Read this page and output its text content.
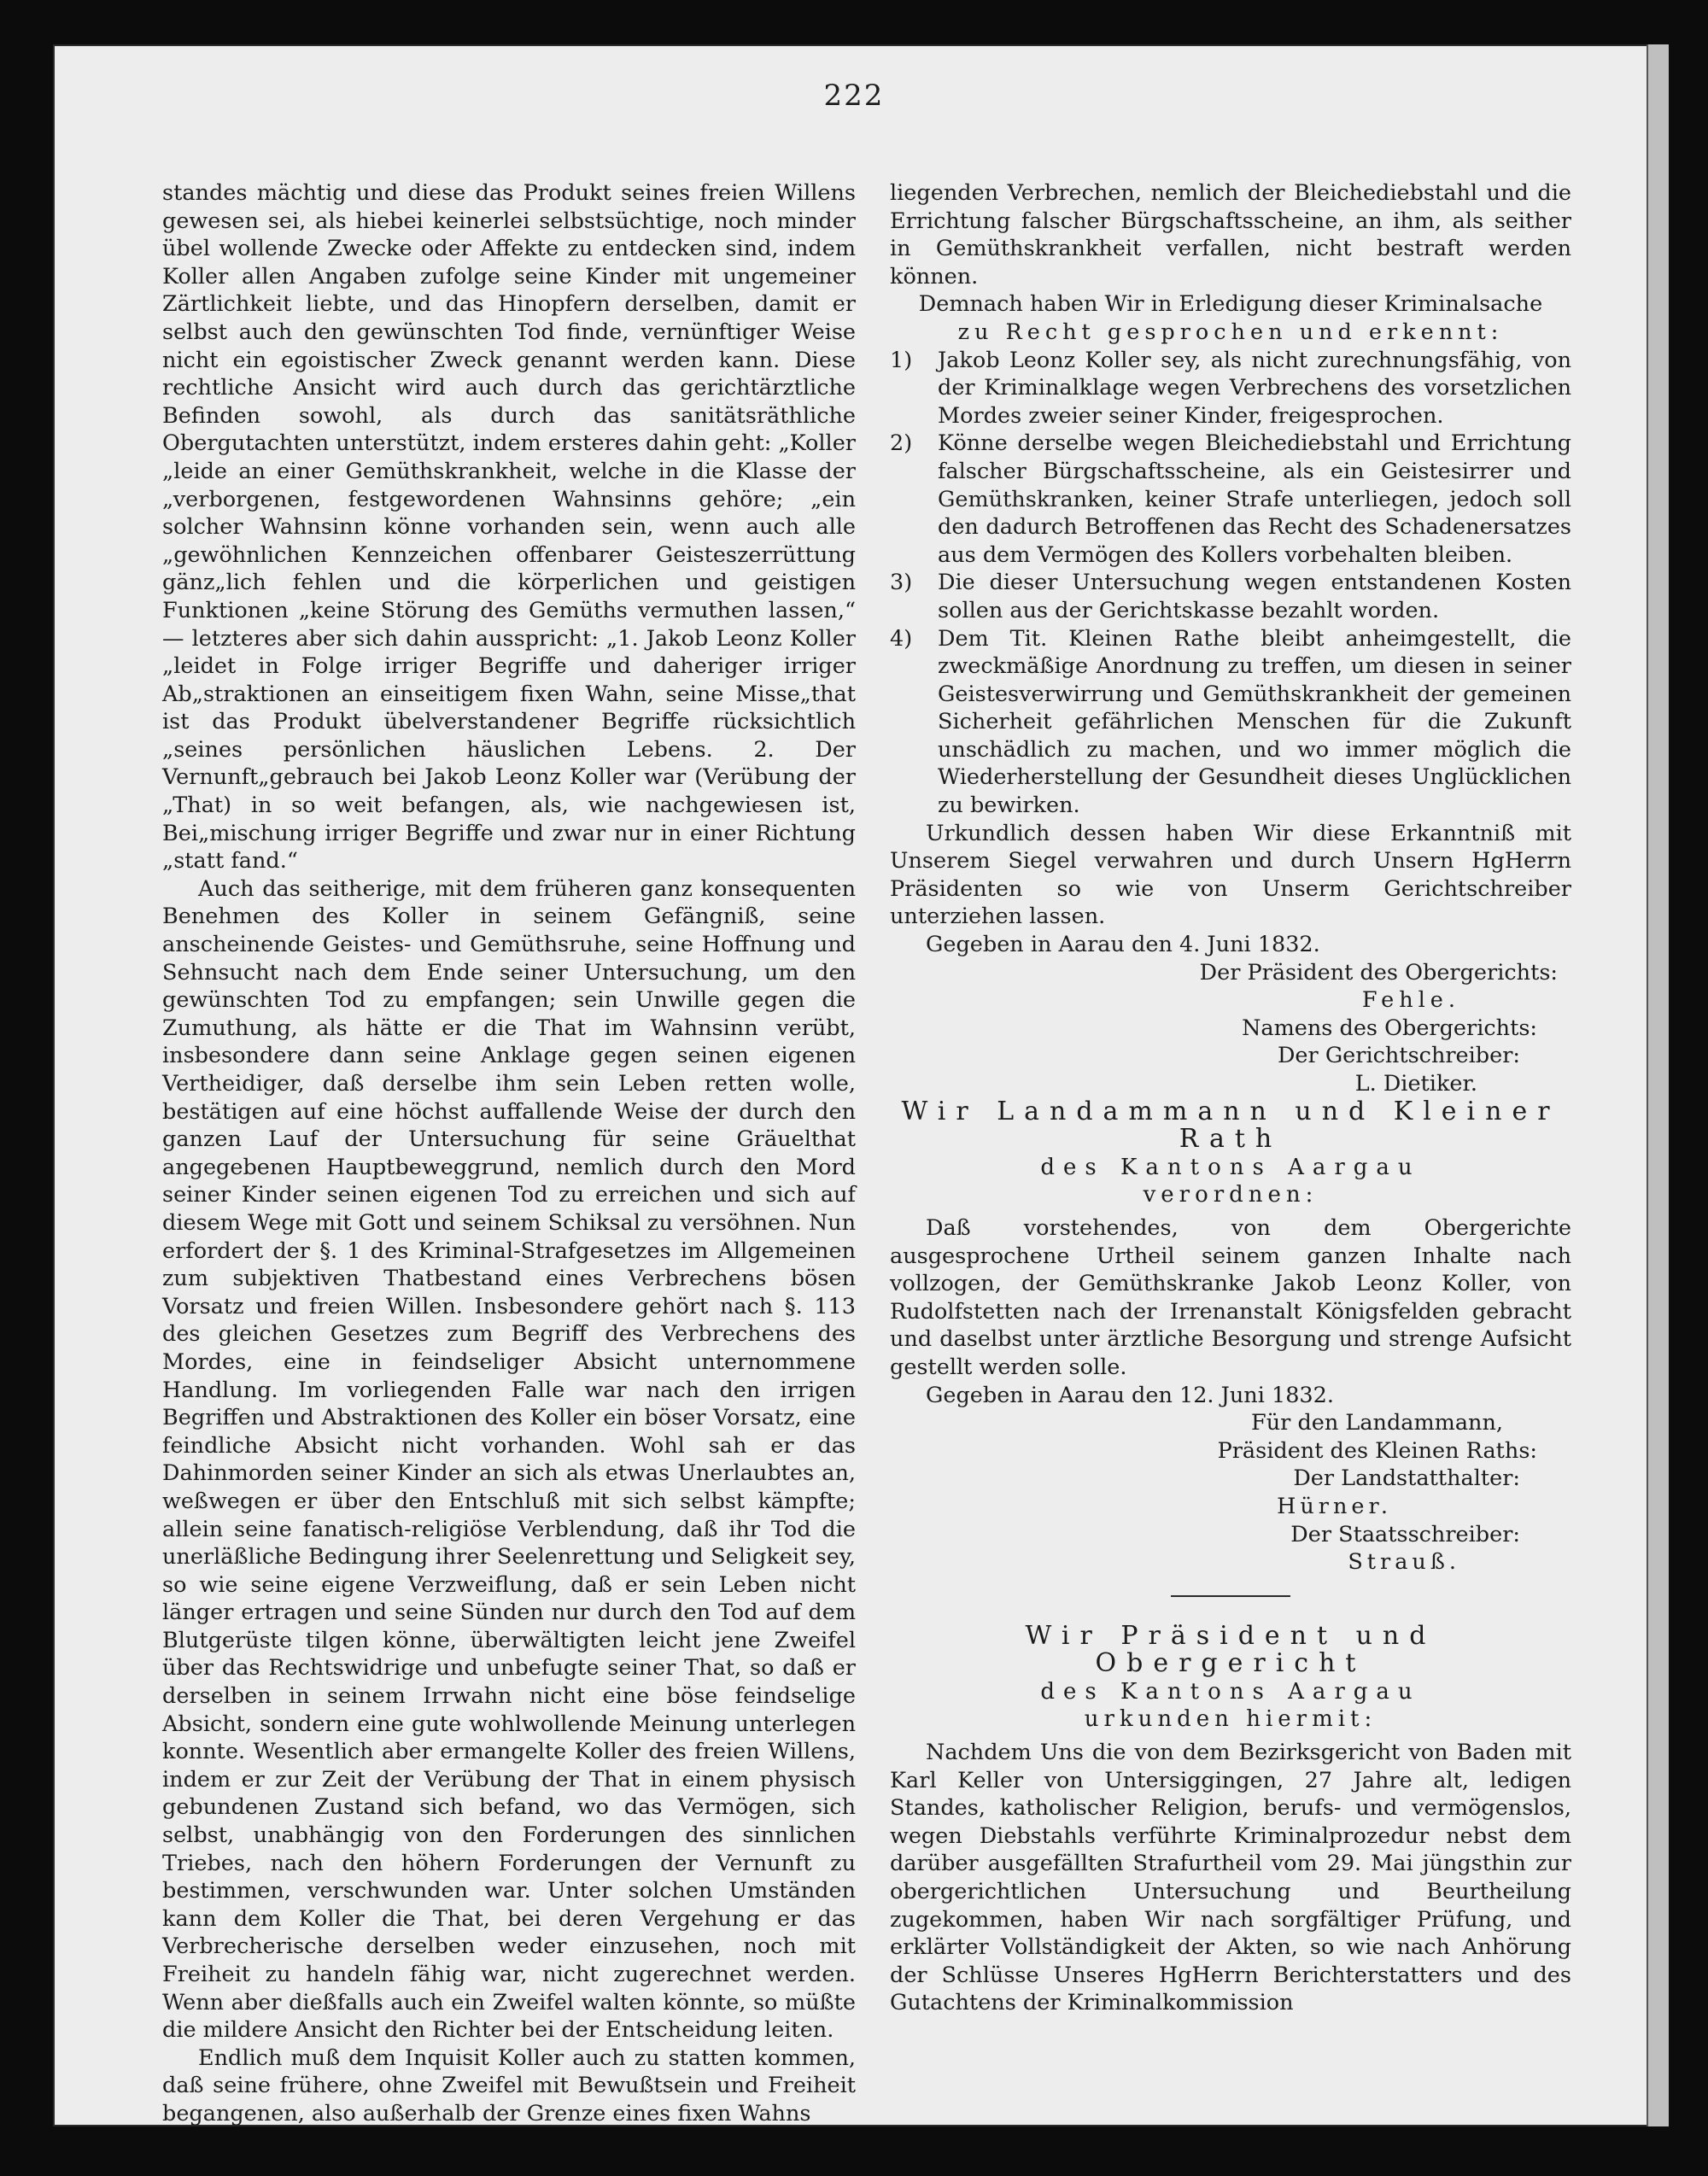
222

standes mächtig und diese das Produkt seines freien Willens gewesen sei, als hiebei keinerlei selbstsüchtige, noch minder übel wollende Zwecke oder Affekte zu entdecken sind, indem Koller allen Angaben zufolge seine Kinder mit ungemeiner Zärtlichkeit liebte, und das Hinopfern derselben, damit er selbst auch den gewünschten Tod finde, vernünftiger Weise nicht ein egoistischer Zweck genannt werden kann. Diese rechtliche Ansicht wird auch durch das gerichtärztliche Befinden sowohl, als durch das sanitätsräthliche Obergutachten unterstützt, indem ersteres dahin geht: „Koller „leide an einer Gemüthskrankheit, welche in die Klasse der „verborgenen, festgewordenen Wahnsinns gehöre; „ein solcher Wahnsinn könne vorhanden sein, wenn auch alle „gewöhnlichen Kennzeichen offenbarer Geisteszerrüttung gänz„lich fehlen und die körperlichen und geistigen Funktionen „keine Störung des Gemüths vermuthen lassen,“ — letzteres aber sich dahin ausspricht: „1. Jakob Leonz Koller „leidet in Folge irriger Begriffe und daheriger irriger Ab„straktionen an einseitigem fixen Wahn, seine Misse„that ist das Produkt übelverstandener Begriffe rücksichtlich „seines persönlichen häuslichen Lebens. 2. Der Vernunft„gebrauch bei Jakob Leonz Koller war (Verübung der „That) in so weit befangen, als, wie nachgewiesen ist, Bei„mischung irriger Begriffe und zwar nur in einer Richtung „statt fand.“

Auch das seitherige, mit dem früheren ganz konsequenten Benehmen des Koller in seinem Gefängniß, seine anscheinende Geistes- und Gemüthsruhe, seine Hoffnung und Sehnsucht nach dem Ende seiner Untersuchung, um den gewünschten Tod zu empfangen; sein Unwille gegen die Zumuthung, als hätte er die That im Wahnsinn verübt, insbesondere dann seine Anklage gegen seinen eigenen Vertheidiger, daß derselbe ihm sein Leben retten wolle, bestätigen auf eine höchst auffallende Weise der durch den ganzen Lauf der Untersuchung für seine Gräuelthat angegebenen Hauptbeweggrund, nemlich durch den Mord seiner Kinder seinen eigenen Tod zu erreichen und sich auf diesem Wege mit Gott und seinem Schiksal zu versöhnen. Nun erfordert der §. 1 des Kriminal-Strafgesetzes im Allgemeinen zum subjektiven Thatbestand eines Verbrechens bösen Vorsatz und freien Willen. Insbesondere gehört nach §. 113 des gleichen Gesetzes zum Begriff des Verbrechens des Mordes, eine in feindseliger Absicht unternommene Handlung. Im vorliegenden Falle war nach den irrigen Begriffen und Abstraktionen des Koller ein böser Vorsatz, eine feindliche Absicht nicht vorhanden. Wohl sah er das Dahinmorden seiner Kinder an sich als etwas Unerlaubtes an, weßwegen er über den Entschluß mit sich selbst kämpfte; allein seine fanatisch-religiöse Verblendung, daß ihr Tod die unerläßliche Bedingung ihrer Seelenrettung und Seligkeit sey, so wie seine eigene Verzweiflung, daß er sein Leben nicht länger ertragen und seine Sünden nur durch den Tod auf dem Blutgerüste tilgen könne, überwältigten leicht jene Zweifel über das Rechtswidrige und unbefugte seiner That, so daß er derselben in seinem Irrwahn nicht eine böse feindselige Absicht, sondern eine gute wohlwollende Meinung unterlegen konnte. Wesentlich aber ermangelte Koller des freien Willens, indem er zur Zeit der Verübung der That in einem physisch gebundenen Zustand sich befand, wo das Vermögen, sich selbst, unabhängig von den Forderungen des sinnlichen Triebes, nach den höhern Forderungen der Vernunft zu bestimmen, verschwunden war. Unter solchen Umständen kann dem Koller die That, bei deren Vergehung er das Verbrecherische derselben weder einzusehen, noch mit Freiheit zu handeln fähig war, nicht zugerechnet werden. Wenn aber dießfalls auch ein Zweifel walten könnte, so müßte die mildere Ansicht den Richter bei der Entscheidung leiten.

Endlich muß dem Inquisit Koller auch zu statten kommen, daß seine frühere, ohne Zweifel mit Bewußtsein und Freiheit begangenen, also außerhalb der Grenze eines fixen Wahns

liegenden Verbrechen, nemlich der Bleichediebstahl und die Errichtung falscher Bürgschaftsscheine, an ihm, als seither in Gemüthskrankheit verfallen, nicht bestraft werden können.

Demnach haben Wir in Erledigung dieser Kriminalsache

zu Recht gesprochen und erkennt:

1) Jakob Leonz Koller sey, als nicht zurechnungsfähig, von der Kriminalklage wegen Verbrechens des vorsetzlichen Mordes zweier seiner Kinder, freigesprochen.
2) Könne derselbe wegen Bleichediebstahl und Errichtung falscher Bürgschaftsscheine, als ein Geistesirrer und Gemüthskranken, keiner Strafe unterliegen, jedoch soll den dadurch Betroffenen das Recht des Schadenersatzes aus dem Vermögen des Kollers vorbehalten bleiben.
3) Die dieser Untersuchung wegen entstandenen Kosten sollen aus der Gerichtskasse bezahlt worden.
4) Dem Tit. Kleinen Rathe bleibt anheimgestellt, die zweckmäßige Anordnung zu treffen, um diesen in seiner Geistesverwirrung und Gemüthskrankheit der gemeinen Sicherheit gefährlichen Menschen für die Zukunft unschädlich zu machen, und wo immer möglich die Wiederherstellung der Gesundheit dieses Unglücklichen zu bewirken.

Urkundlich dessen haben Wir diese Erkanntniß mit Unserem Siegel verwahren und durch Unsern HgHerrn Präsidenten so wie von Unserm Gerichtschreiber unterziehen lassen.

Gegeben in Aarau den 4. Juni 1832.

Der Präsident des Obergerichts:

Fehle.

Namens des Obergerichts:

Der Gerichtschreiber:

L. Dietiker.

Wir Landammann und Kleiner Rath

des Kantons Aargau

verordnen:

Daß vorstehendes, von dem Obergerichte ausgesprochene Urtheil seinem ganzen Inhalte nach vollzogen, der Gemüthskranke Jakob Leonz Koller, von Rudolfstetten nach der Irrenanstalt Königsfelden gebracht und daselbst unter ärztliche Besorgung und strenge Aufsicht gestellt werden solle.

Gegeben in Aarau den 12. Juni 1832.

Für den Landammann,

Präsident des Kleinen Raths:

Der Landstatthalter:

Hürner.

Der Staatsschreiber:

Strauß.

Wir Präsident und Obergericht

des Kantons Aargau

urkunden hiermit:

Nachdem Uns die von dem Bezirksgericht von Baden mit Karl Keller von Untersiggingen, 27 Jahre alt, ledigen Standes, katholischer Religion, berufs- und vermögenslos, wegen Diebstahls verführte Kriminalprozedur nebst dem darüber ausgefällten Strafurtheil vom 29. Mai jüngsthin zur obergerichtlichen Untersuchung und Beurtheilung zugekommen, haben Wir nach sorgfältiger Prüfung, und erklärter Vollständigkeit der Akten, so wie nach Anhörung der Schlüsse Unseres HgHerrn Berichterstatters und des Gutachtens der Kriminalkommission
